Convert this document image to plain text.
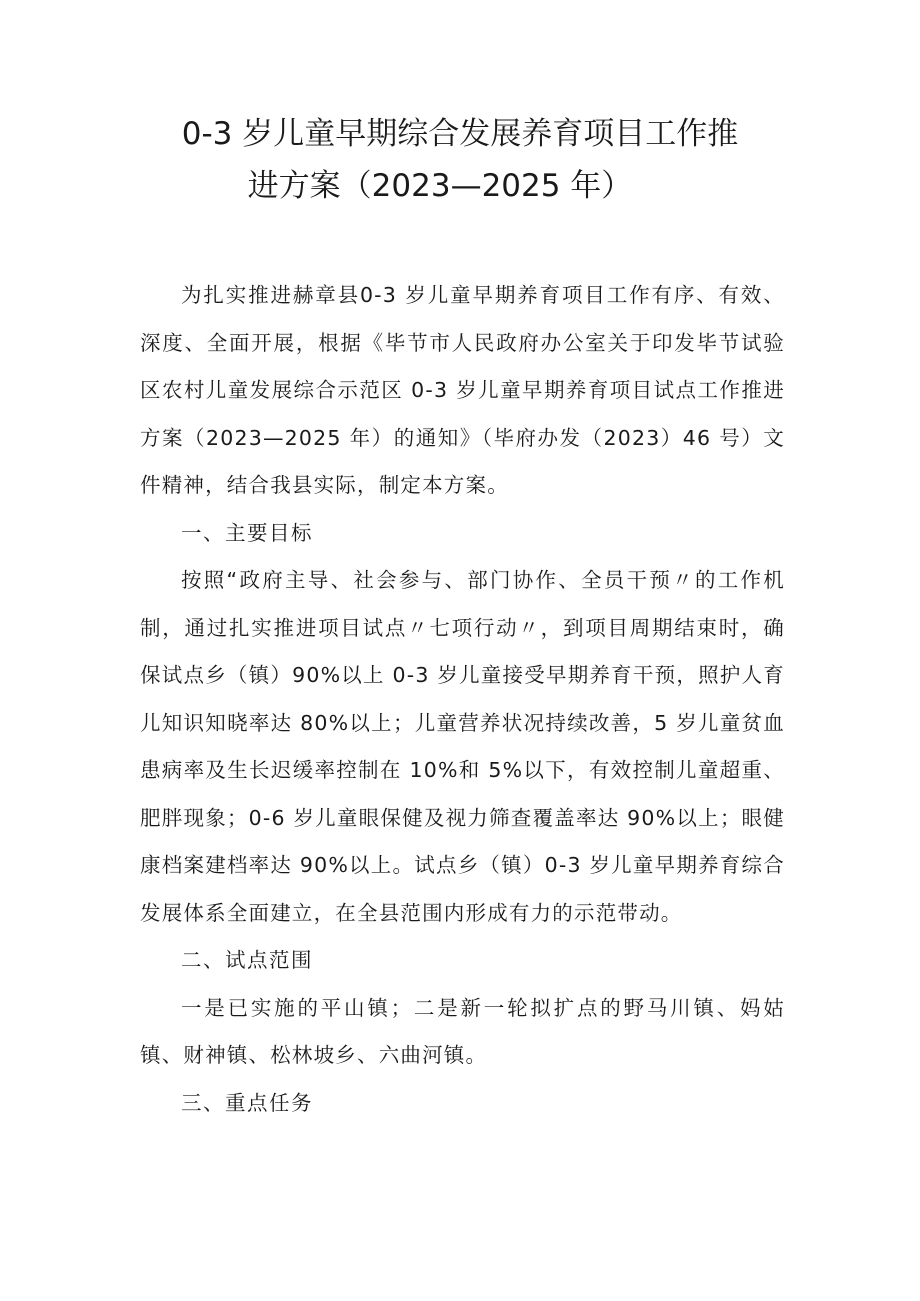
0-3 岁儿童早期综合发展养育项目工作推
进方案（2023—2025 年）

为扎实推进赫章县0-3 岁儿童早期养育项目工作有序、有效、深度、全面开展，根据《毕节市人民政府办公室关于印发毕节试验区农村儿童发展综合示范区 0-3 岁儿童早期养育项目试点工作推进方案（2023—2025 年）的通知》（毕府办发（2023）46 号）文件精神，结合我县实际，制定本方案。

一、主要目标

按照“政府主导、社会参与、部门协作、全员干预〃的工作机制，通过扎实推进项目试点〃七项行动〃，到项目周期结束时，确保试点乡（镇）90%以上 0-3 岁儿童接受早期养育干预，照护人育儿知识知晓率达 80%以上；儿童营养状况持续改善，5 岁儿童贫血患病率及生长迟缓率控制在 10%和 5%以下，有效控制儿童超重、肥胖现象；0-6 岁儿童眼保健及视力筛查覆盖率达 90%以上；眼健康档案建档率达 90%以上。试点乡（镇）0-3 岁儿童早期养育综合发展体系全面建立，在全县范围内形成有力的示范带动。

二、试点范围

一是已实施的平山镇；二是新一轮拟扩点的野马川镇、妈姑镇、财神镇、松林坡乡、六曲河镇。

三、重点任务
